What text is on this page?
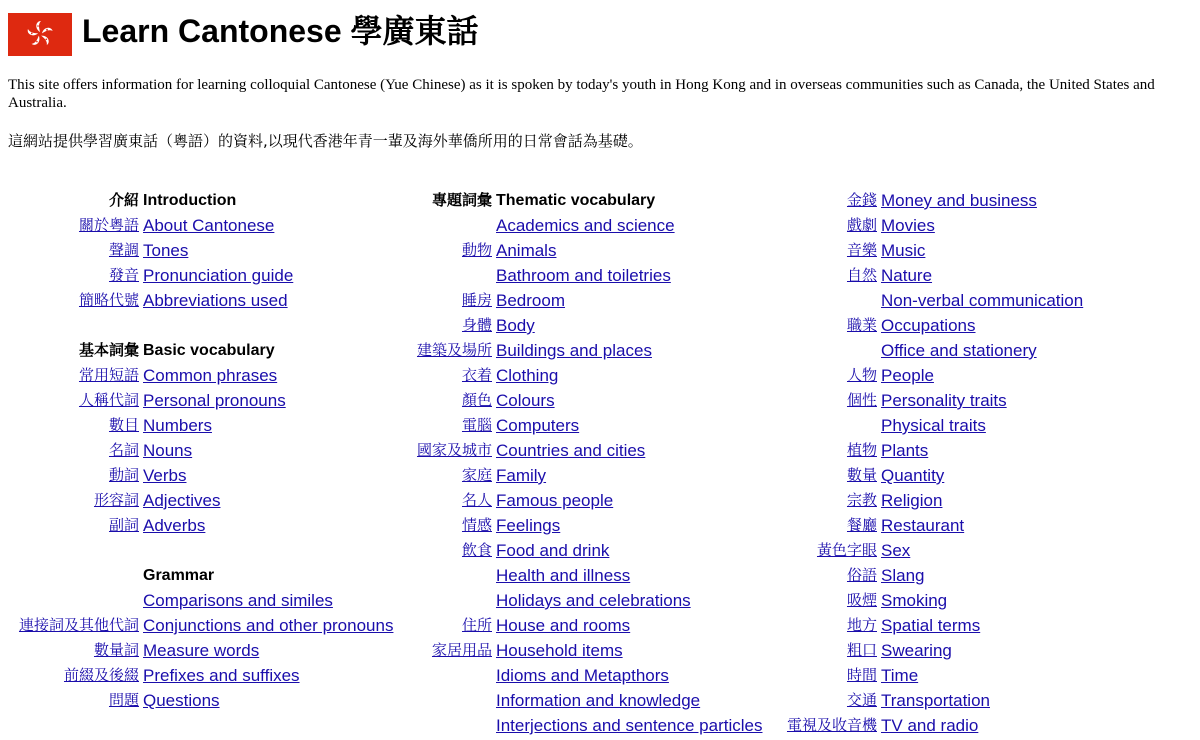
Learn Cantonese 學廣東話

This site offers information for learning colloquial Cantonese (Yue Chinese) as it is spoken by today's youth in Hong Kong and in overseas communities such as Canada, the United States and Australia.

這網站提供學習廣東話（粵語）的資料,以現代香港年青一輩及海外華僑所用的日常會話為基礎。

介紹 Introduction
關於粵語 About Cantonese
聲調 Tones
發音 Pronunciation guide
簡略代號 Abbreviations used
基本詞彙 Basic vocabulary
常用短語 Common phrases
人稱代詞 Personal pronouns
數目 Numbers
名詞 Nouns
動詞 Verbs
形容詞 Adjectives
副詞 Adverbs
Grammar
Comparisons and similes
連接詞及其他代詞 Conjunctions and other pronouns
數量詞 Measure words
前綴及後綴 Prefixes and suffixes
問題 Questions
專題詞彙 Thematic vocabulary
Academics and science
動物 Animals
Bathroom and toiletries
睡房 Bedroom
身體 Body
建築及場所 Buildings and places
衣着 Clothing
顏色 Colours
電腦 Computers
國家及城市 Countries and cities
家庭 Family
名人 Famous people
情感 Feelings
飲食 Food and drink
Health and illness
Holidays and celebrations
住所 House and rooms
家居用品 Household items
Idioms and Metapthors
Information and knowledge
Interjections and sentence particles
金錢 Money and business
戲劇 Movies
音樂 Music
自然 Nature
Non-verbal communication
職業 Occupations
Office and stationery
人物 People
個性 Personality traits
Physical traits
植物 Plants
數量 Quantity
宗教 Religion
餐廳 Restaurant
黃色字眼 Sex
俗語 Slang
吸煙 Smoking
地方 Spatial terms
粗口 Swearing
時間 Time
交通 Transportation
電視及收音機 TV and radio
